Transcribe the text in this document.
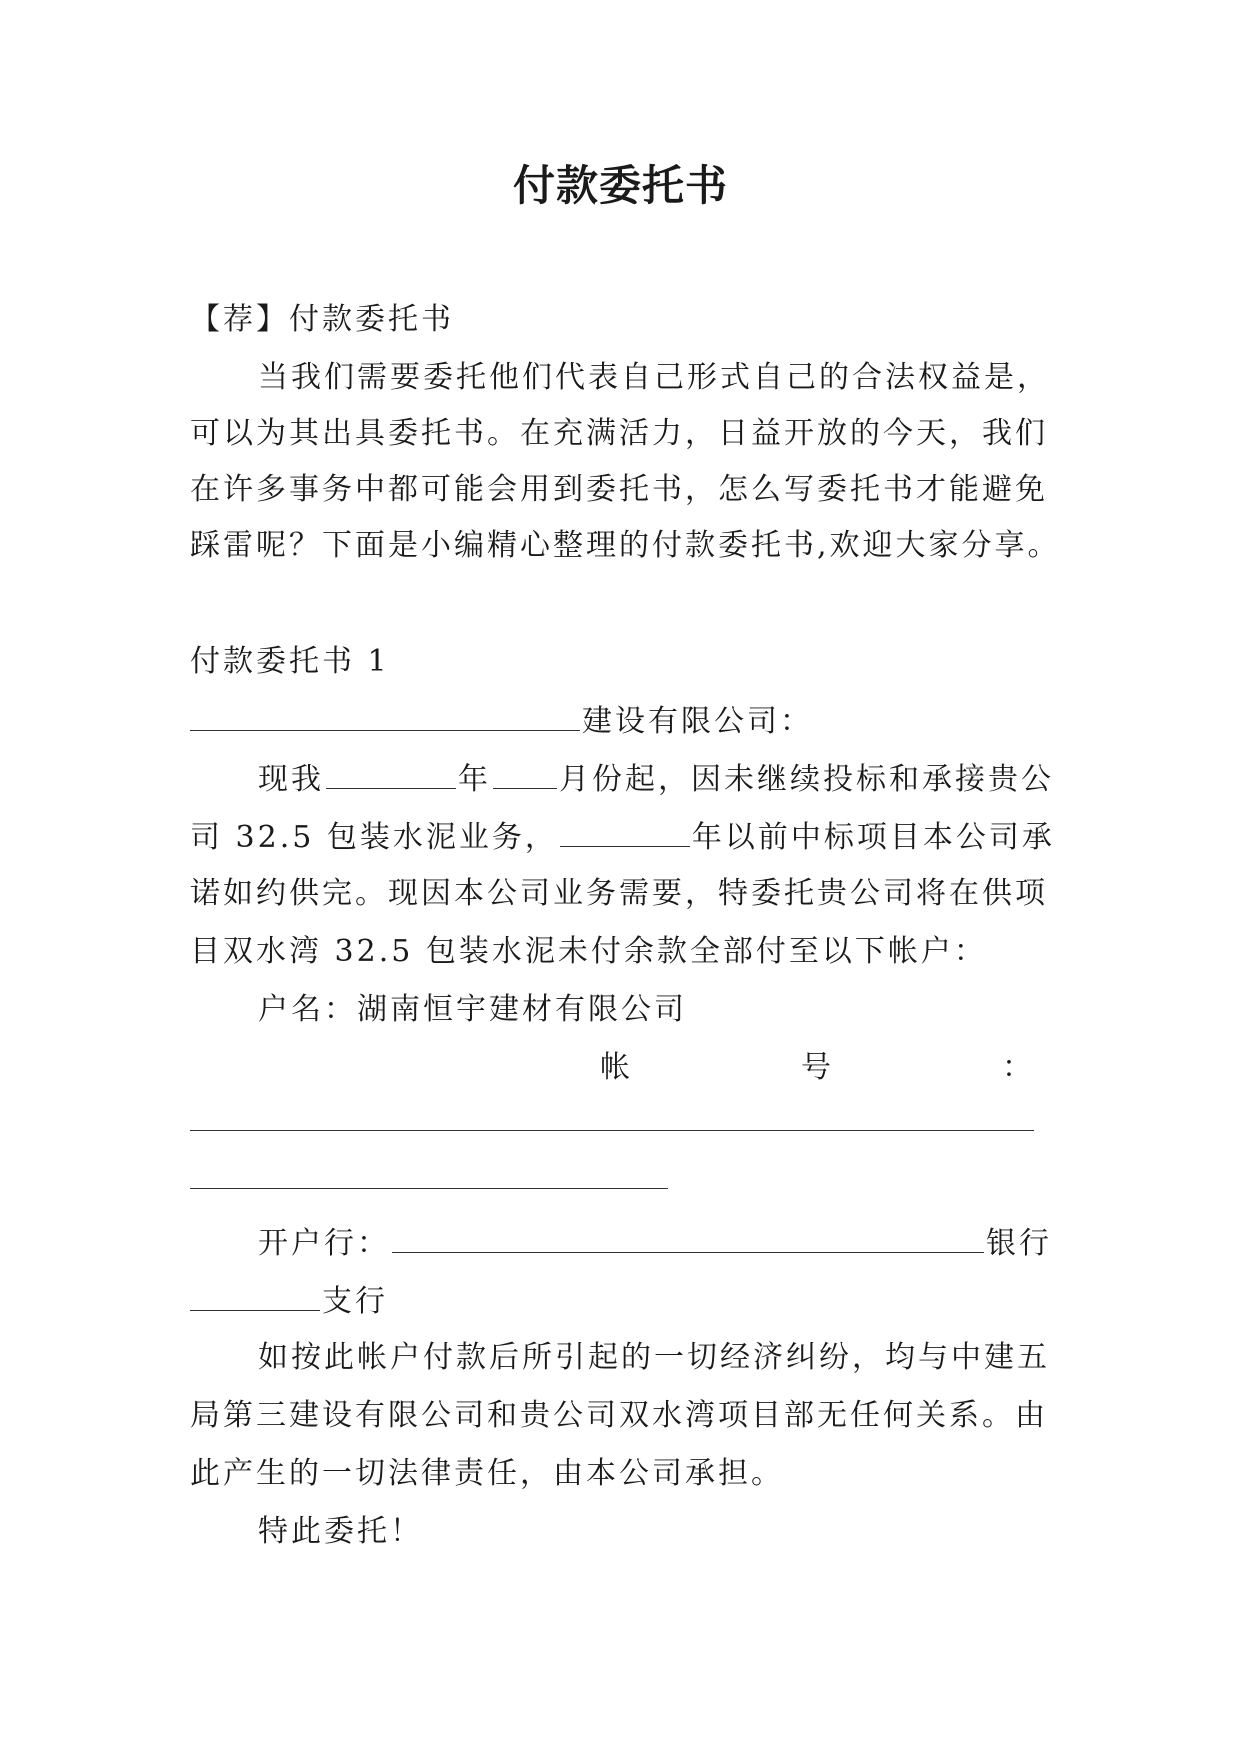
付款委托书
【荐】付款委托书
当我们需要委托他们代表自己形式自己的合法权益是，
可以为其出具委托书。在充满活力，日益开放的今天，我们
在许多事务中都可能会用到委托书，怎么写委托书才能避免
踩雷呢？下面是小编精心整理的付款委托书,欢迎大家分享。
付款委托书 1
建设有限公司：
现我	年 月份起，因未继续投标和承接贵公
司 32.5 包装水泥业务，	年以前中标项目本公司承
诺如约供完。现因本公司业务需要，特委托贵公司将在供项
目双水湾 32.5 包装水泥未付余款全部付至以下帐户：
户名：湖南恒宇建材有限公司
帐	号	：
开户行：	银行
支行
如按此帐户付款后所引起的一切经济纠纷，均与中建五
局第三建设有限公司和贵公司双水湾项目部无任何关系。由
此产生的一切法律责任，由本公司承担。
特此委托！
